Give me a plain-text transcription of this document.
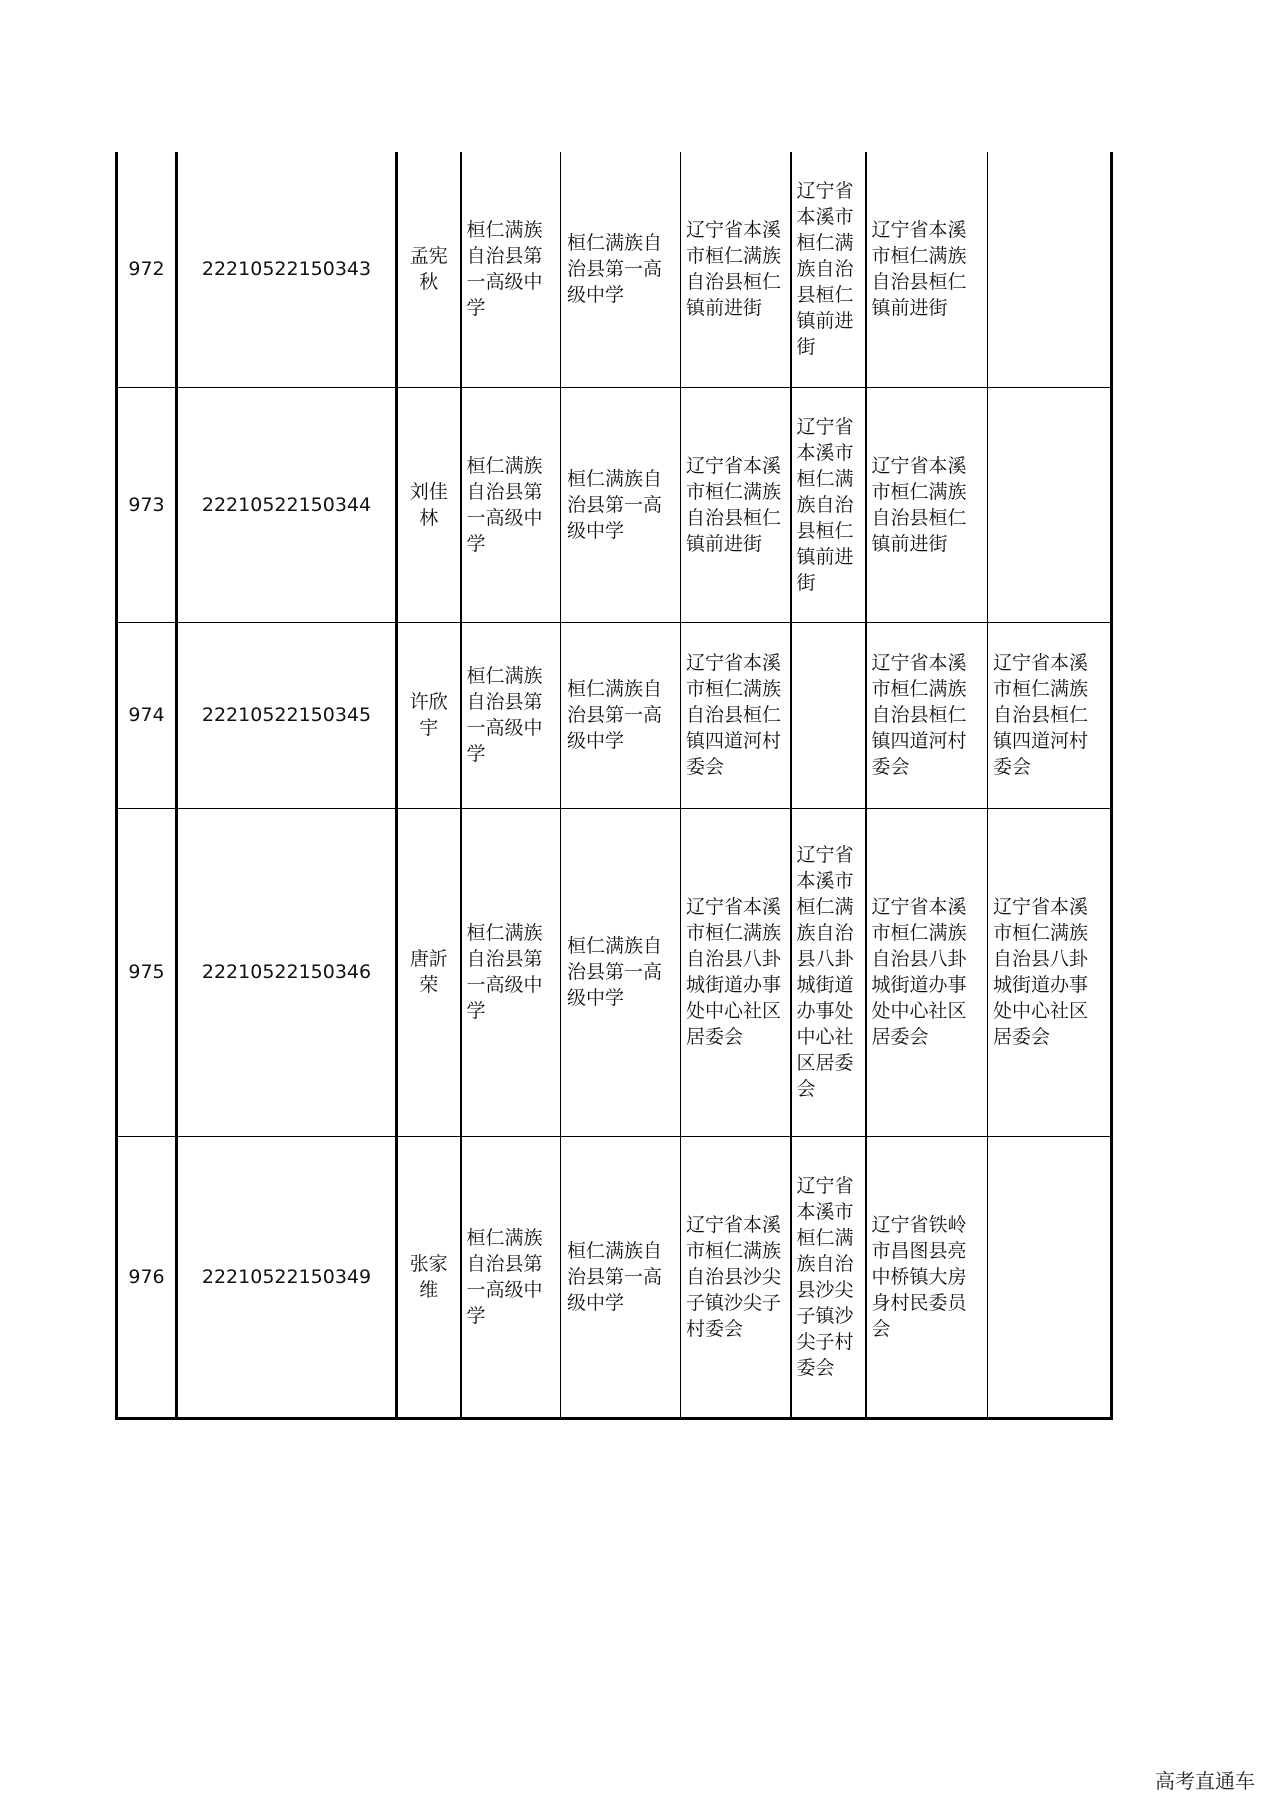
972	22210522150343	孟宪秋	桓仁满族自治县第一高级中学	桓仁满族自治县第一高级中学	辽宁省本溪市桓仁满族自治县桓仁镇前进街	辽宁省本溪市桓仁满族自治县桓仁镇前进街	辽宁省本溪市桓仁满族自治县桓仁镇前进街	
973	22210522150344	刘佳林	桓仁满族自治县第一高级中学	桓仁满族自治县第一高级中学	辽宁省本溪市桓仁满族自治县桓仁镇前进街	辽宁省本溪市桓仁满族自治县桓仁镇前进街	辽宁省本溪市桓仁满族自治县桓仁镇前进街	
974	22210522150345	许欣宇	桓仁满族自治县第一高级中学	桓仁满族自治县第一高级中学	辽宁省本溪市桓仁满族自治县桓仁镇四道河村委会		辽宁省本溪市桓仁满族自治县桓仁镇四道河村委会	辽宁省本溪市桓仁满族自治县桓仁镇四道河村委会
975	22210522150346	唐訢荣	桓仁满族自治县第一高级中学	桓仁满族自治县第一高级中学	辽宁省本溪市桓仁满族自治县八卦城街道办事处中心社区居委会	辽宁省本溪市桓仁满族自治县八卦城街道办事处中心社区居委会	辽宁省本溪市桓仁满族自治县八卦城街道办事处中心社区居委会	辽宁省本溪市桓仁满族自治县八卦城街道办事处中心社区居委会
976	22210522150349	张家维	桓仁满族自治县第一高级中学	桓仁满族自治县第一高级中学	辽宁省本溪市桓仁满族自治县沙尖子镇沙尖子村委会	辽宁省本溪市桓仁满族自治县沙尖子镇沙尖子村委会	辽宁省铁岭市昌图县亮中桥镇大房身村民委员会	
高考直通车
